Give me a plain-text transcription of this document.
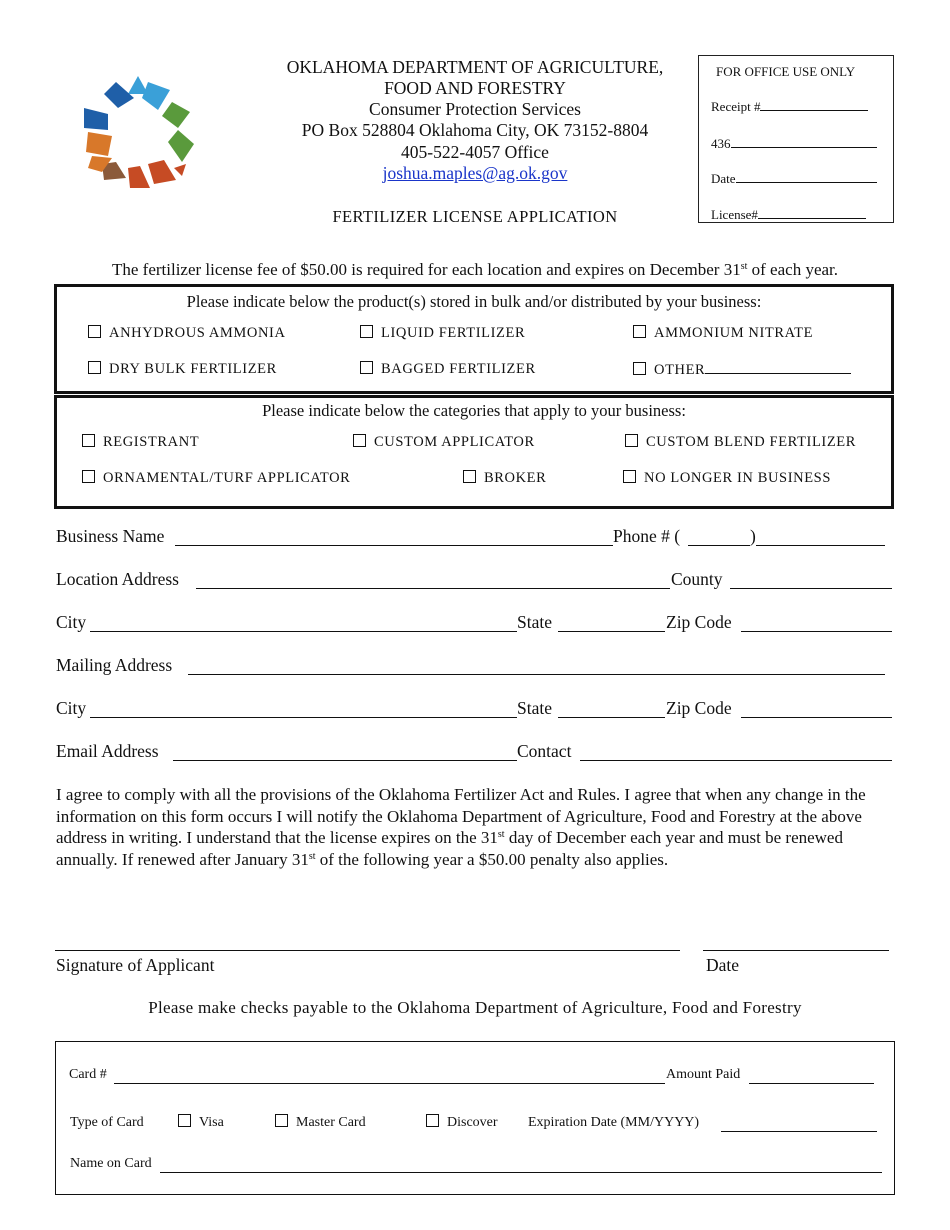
OKLAHOMA DEPARTMENT OF AGRICULTURE,
FOOD AND FORESTRY
Consumer Protection Services
PO Box 528804 Oklahoma City, OK 73152-8804
405-522-4057 Office
joshua.maples@ag.ok.gov
FERTILIZER LICENSE APPLICATION
FOR OFFICE USE ONLY
Receipt #
436
Date
License#
The fertilizer license fee of $50.00 is required for each location and expires on December 31st of each year.
Please indicate below the product(s) stored in bulk and/or distributed by your business:
ANHYDROUS AMMONIA	LIQUID FERTILIZER	AMMONIUM NITRATE
DRY BULK FERTILIZER	BAGGED FERTILIZER	OTHER
Please indicate below the categories that apply to your business:
REGISTRANT	CUSTOM APPLICATOR	CUSTOM BLEND FERTILIZER
ORNAMENTAL/TURF APPLICATOR	BROKER	NO LONGER IN BUSINESS
Business Name	Phone # (	)
Location Address	County
City	State	Zip Code
Mailing Address
City	State	Zip Code
Email Address	Contact
I agree to comply with all the provisions of the Oklahoma Fertilizer Act and Rules. I agree that when any change in the information on this form occurs I will notify the Oklahoma Department of Agriculture, Food and Forestry at the above address in writing. I understand that the license expires on the 31st day of December each year and must be renewed annually. If renewed after January 31st of the following year a $50.00 penalty also applies.
Signature of Applicant	Date
Please make checks payable to the Oklahoma Department of Agriculture, Food and Forestry
Card #	Amount Paid
Type of Card	Visa	Master Card	Discover Expiration Date (MM/YYYY)
Name on Card
